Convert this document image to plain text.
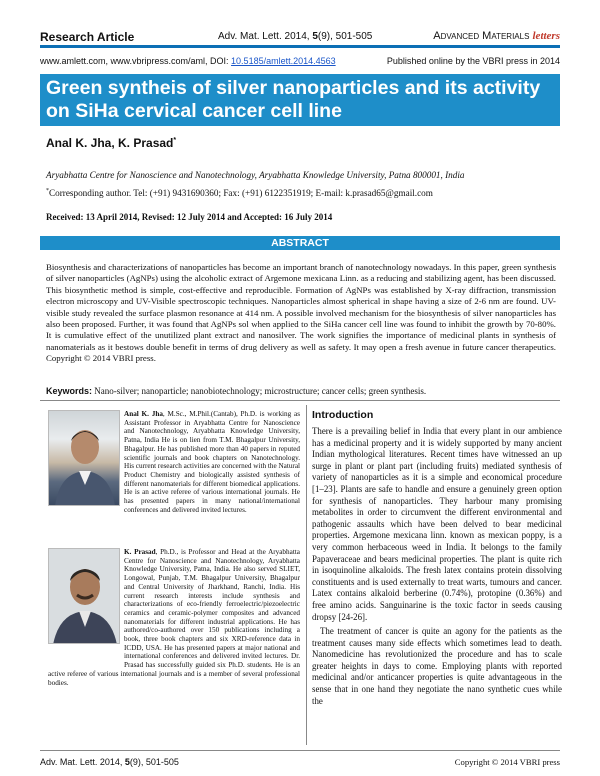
Research Article	Adv. Mat. Lett. 2014, 5(9), 501-505	Advanced Materials letters
www.amlett.com, www.vbripress.com/aml, DOI: 10.5185/amlett.2014.4563	Published online by the VBRI press in 2014
Green syntheis of silver nanoparticles and its activity on SiHa cervical cancer cell line
Anal K. Jha, K. Prasad*
Aryabhatta Centre for Nanoscience and Nanotechnology, Aryabhatta Knowledge University, Patna 800001, India
*Corresponding author. Tel: (+91) 9431690360; Fax: (+91) 6122351919; E-mail: k.prasad65@gmail.com
Received: 13 April 2014, Revised: 12 July 2014 and Accepted: 16 July 2014
ABSTRACT
Biosynthesis and characterizations of nanoparticles has become an important branch of nanotechnology nowadays. In this paper, green synthesis of silver nanoparticles (AgNPs) using the alcoholic extract of Argemone mexicana Linn. as a reducing and stabilizing agent, has been discussed. This biosynthetic method is simple, cost-effective and reproducible. Formation of AgNPs was established by X-ray diffraction, transmission electron microscopy and UV-Visible spectroscopic techniques. Nanoparticles almost spherical in shape having a size of 2-6 nm are found. UV-visible study revealed the surface plasmon resonance at 414 nm. A possible involved mechanism for the biosynthesis of silver nanoparticles has also been proposed. Further, it was found that AgNPs sol when applied to the SiHa cancer cell line was found to inhibit the growth by 70-80%. It is cumulative effect of the unutilized plant extract and nanosilver. The work signifies the importance of medicinal plants in synthesis of nanomaterials as it bestows double benefit in terms of drug delivery as well as safety. It may open a fresh avenue in future cancer therapeutics. Copyright © 2014 VBRI press.
Keywords: Nano-silver; nanoparticle; nanobiotechnology; microstructure; cancer cells; green synthesis.
Anal K. Jha, M.Sc., M.Phil.(Cantab), Ph.D. is working as Assistant Professor in Aryabhatta Centre for Nanoscience and Nanotechnology, Aryabhatta Knowledge University, Patna, India He is on lien from T.M. Bhagalpur University, Bhagalpur. He has published more than 40 papers in reputed scientific journals and book chapters on Nanotechnology. His current research activities are concerned with the Natural Product Chemistry and biologically assisted synthesis of different nanomaterials for different biomedical applications. He is an active referee of various international journals. He has presented papers in many national/international conferences and delivered invited lectures.
K. Prasad, Ph.D., is Professor and Head at the Aryabhatta Centre for Nanoscience and Nanotechnology, Aryabhatta Knowledge University, Patna, India. He also served SLIET, Longowal, Punjab, T.M. Bhagalpur University, Bhagalpur and Central University of Jharkhand, Ranchi, India. His current research interests include synthesis and characterizations of eco-friendly ferroelectric/piezoelectric ceramics and ceramic-polymer composites and advanced nanomaterials for different industrial applications. He has authored/co-authored over 150 publications including a book, three book chapters and six XRD-reference data in ICDD, USA. He has presented papers at major national and international conferences and delivered invited lectures. Dr. Prasad has successfully guided six Ph.D. students. He is an active referee of various international journals and is a member of several professional bodies.
Introduction

There is a prevailing belief in India that every plant in our ambience has a medicinal property and it is widely supported by many ancient Indian mythological literatures. Recent times have witnessed an up surge in plant or plant part (including fruits) mediated synthesis of variety of nanoparticles as it is a simple and economical procedure [1–23]. Plants are safe to handle and ensure a genuinely green option for synthesis of nanoparticles. They harbour many promising metabolites in order to circumvent the different environmental and pathogenic assaults which have been delved to bear medicinal properties. Argemone mexicana linn. known as mexican poppy, is a very common herbaceous weed in India. It belongs to the family Papaveraceae and bears medicinal properties. The plant is quite rich in isoquinoline alkaloids. The fresh latex contains protein dissolving constituents and is used externally to treat warts, tumours and cancer. Latex contains alkaloid berberine (0.74%), protopine (0.36%) and free amino acids. Sanguinarine is the toxic factor in seeds causing dropsy [24-26].

The treatment of cancer is quite an agony for the patients as the treatment causes many side effects which sometimes lead to death. Nanomedicine has revolutionized the procedure and has to scale greater heights in days to come. Employing plants with reported medicinal and/or anticancer properties is quite advantageous in the sense that in one hand they negotiate the nano synthetic cues while the

Adv. Mat. Lett. 2014, 5(9), 501-505	Copyright © 2014 VBRI press
